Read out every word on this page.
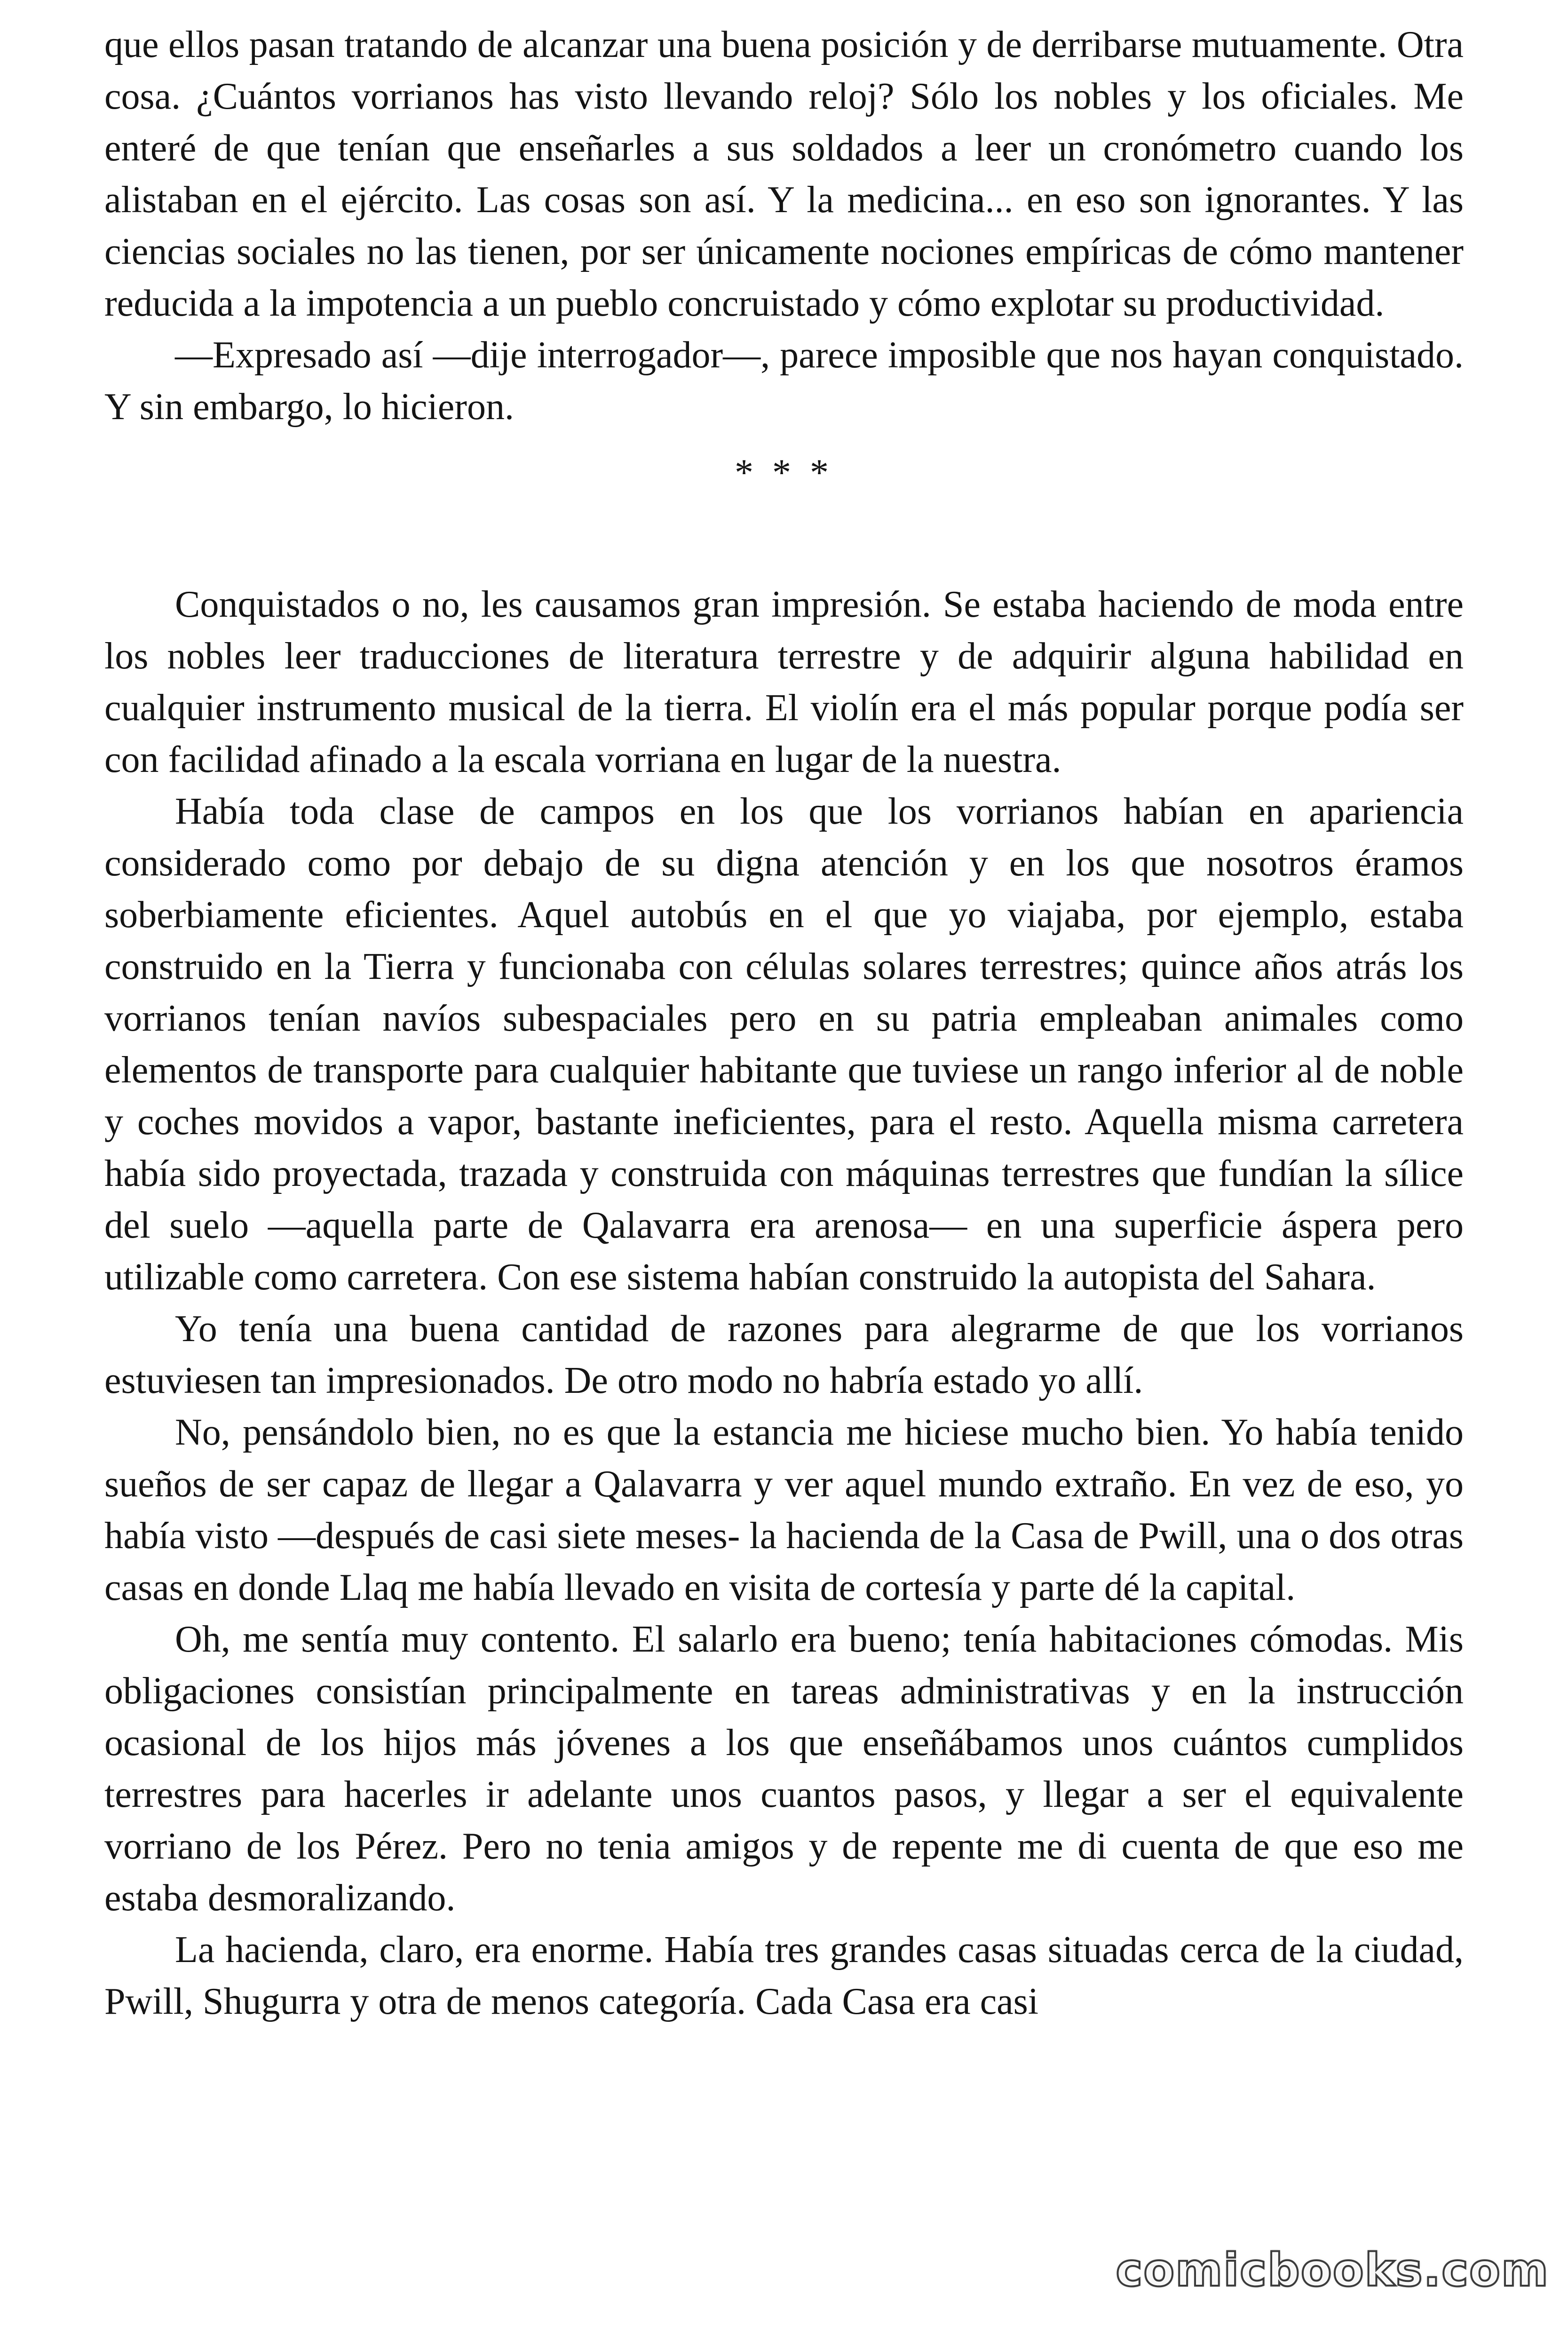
que ellos pasan tratando de alcanzar una buena posición y de derribarse mutuamente. Otra cosa. ¿Cuántos vorrianos has visto llevando reloj? Sólo los nobles y los oficiales. Me enteré de que tenían que enseñarles a sus soldados a leer un cronómetro cuando los alistaban en el ejército. Las cosas son así. Y la medicina... en eso son ignorantes. Y las ciencias sociales no las tienen, por ser únicamente nociones empíricas de cómo mantener reducida a la impotencia a un pueblo concruistado y cómo explotar su productividad.

—Expresado así —dije interrogador—, parece imposible que nos hayan conquistado. Y sin embargo, lo hicieron.

* * *

Conquistados o no, les causamos gran impresión. Se estaba haciendo de moda entre los nobles leer traducciones de literatura terrestre y de adquirir alguna habilidad en cualquier instrumento musical de la tierra. El violín era el más popular porque podía ser con facilidad afinado a la escala vorriana en lugar de la nuestra.

Había toda clase de campos en los que los vorrianos habían en apariencia considerado como por debajo de su digna atención y en los que nosotros éramos soberbiamente eficientes. Aquel autobús en el que yo viajaba, por ejemplo, estaba construido en la Tierra y funcionaba con células solares terrestres; quince años atrás los vorrianos tenían navíos subespaciales pero en su patria empleaban animales como elementos de transporte para cualquier habitante que tuviese un rango inferior al de noble y coches movidos a vapor, bastante ineficientes, para el resto. Aquella misma carretera había sido proyectada, trazada y construida con máquinas terrestres que fundían la sílice del suelo —aquella parte de Qalavarra era arenosa— en una superficie áspera pero utilizable como carretera. Con ese sistema habían construido la autopista del Sahara.

Yo tenía una buena cantidad de razones para alegrarme de que los vorrianos estuviesen tan impresionados. De otro modo no habría estado yo allí.

No, pensándolo bien, no es que la estancia me hiciese mucho bien. Yo había tenido sueños de ser capaz de llegar a Qalavarra y ver aquel mundo extraño. En vez de eso, yo había visto —después de casi siete meses- la hacienda de la Casa de Pwill, una o dos otras casas en donde Llaq me había llevado en visita de cortesía y parte dé la capital.

Oh, me sentía muy contento. El salarlo era bueno; tenía habitaciones cómodas. Mis obligaciones consistían principalmente en tareas administrativas y en la instrucción ocasional de los hijos más jóvenes a los que enseñábamos unos cuántos cumplidos terrestres para hacerles ir adelante unos cuantos pasos, y llegar a ser el equivalente vorriano de los Pérez. Pero no tenia amigos y de repente me di cuenta de que eso me estaba desmoralizando.

La hacienda, claro, era enorme. Había tres grandes casas situadas cerca de la ciudad, Pwill, Shugurra y otra de menos categoría. Cada Casa era casi

comicbooks.com
